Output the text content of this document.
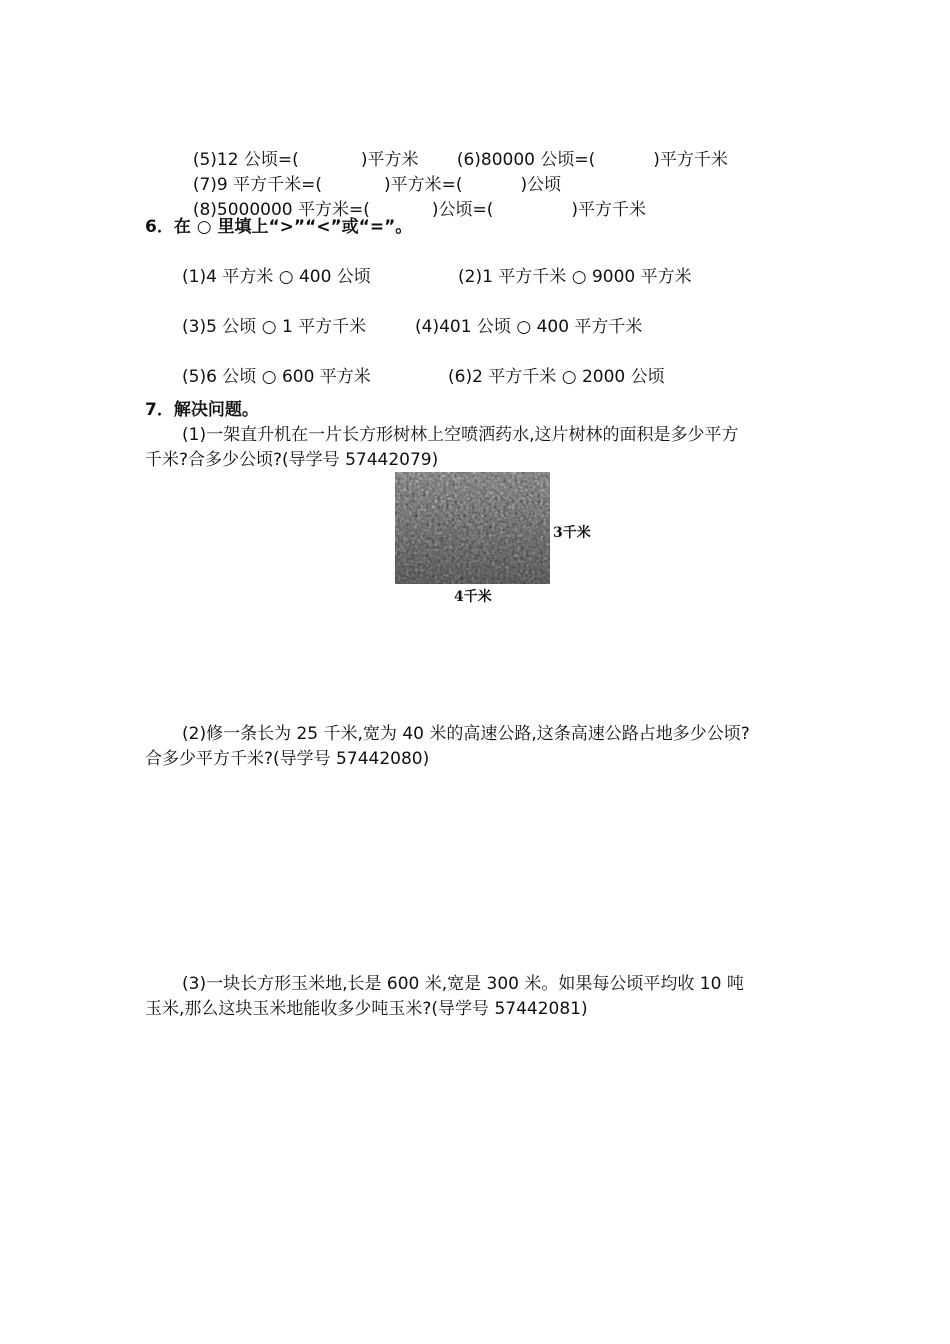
(5)12 公顷=(	)平方米	(6)80000 公顷=(	)平方千米

(7)9 平方千米=(	)平方米=(	)公顷

(8)5000000 平方米=(	)公顷=(	)平方千米

6．在 ○ 里填上“>”“<”或“=”。
(1)4 平方米 ○ 400 公顷	(2)1 平方千米 ○ 9000 平方米
(3)5 公顷 ○ 1 平方千米	(4)401 公顷 ○ 400 平方千米
(5)6 公顷 ○ 600 平方米	(6)2 平方千米 ○ 2000 公顷
7．解决问题。
(1)一架直升机在一片长方形树林上空喷洒药水,这片树林的面积是多少平方
千米?合多少公顷?(导学号 57442079)
3千米
4千米
(2)修一条长为 25 千米,宽为 40 米的高速公路,这条高速公路占地多少公顷?
合多少平方千米?(导学号 57442080)
(3)一块长方形玉米地,长是 600 米,宽是 300 米。如果每公顷平均收 10 吨
玉米,那么这块玉米地能收多少吨玉米?(导学号 57442081)
